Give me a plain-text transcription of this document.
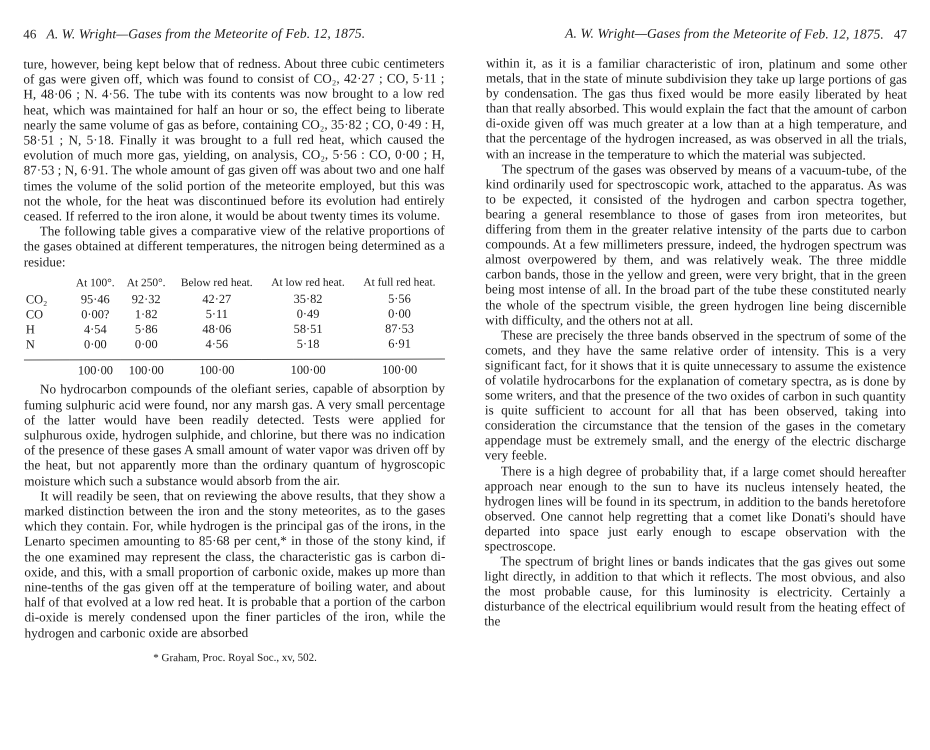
46 A. W. Wright—Gases from the Meteorite of Feb. 12, 1875.

ture, however, being kept below that of redness. About three cubic centimeters of gas were given off, which was found to consist of CO₂, 42·27 ; CO, 5·11 ; H, 48·06 ; N. 4·56. The tube with its contents was now brought to a low red heat, which was maintained for half an hour or so, the effect being to liberate nearly the same volume of gas as before, containing CO₂, 35·82 ; CO, 0·49 : H, 58·51 ; N, 5·18. Finally it was brought to a full red heat, which caused the evolution of much more gas, yielding, on analysis, CO₂, 5·56 : CO, 0·00 ; H, 87·53 ; N, 6·91. The whole amount of gas given off was about two and one half times the volume of the solid portion of the meteorite employed, but this was not the whole, for the heat was discontinued before its evolution had entirely ceased. If referred to the iron alone, it would be about twenty times its volume.

The following table gives a comparative view of the relative proportions of the gases obtained at different temperatures, the nitrogen being determined as a residue:

	At 100°.	At 250°.	Below red heat.	At low red heat.	At full red heat.
CO₂	95·46	92·32	42·27	35·82	5·56
CO	0·00?	1·82	5·11	0·49	0·00
H	4·54	5·86	48·06	58·51	87·53
N	0·00	0·00	4·56	5·18	6·91

	100·00	100·00	100·00	100·00	100·00

No hydrocarbon compounds of the olefiant series, capable of absorption by fuming sulphuric acid were found, nor any marsh gas. A very small percentage of the latter would have been readily detected. Tests were applied for sulphurous oxide, hydrogen sulphide, and chlorine, but there was no indication of the presence of these gases A small amount of water vapor was driven off by the heat, but not apparently more than the ordinary quantum of hygroscopic moisture which such a substance would absorb from the air.

It will readily be seen, that on reviewing the above results, that they show a marked distinction between the iron and the stony meteorites, as to the gases which they contain. For, while hydrogen is the principal gas of the irons, in the Lenarto specimen amounting to 85·68 per cent,* in those of the stony kind, if the one examined may represent the class, the characteristic gas is carbon di-oxide, and this, with a small proportion of carbonic oxide, makes up more than nine-tenths of the gas given off at the temperature of boiling water, and about half of that evolved at a low red heat. It is probable that a portion of the carbon di-oxide is merely condensed upon the finer particles of the iron, while the hydrogen and carbonic oxide are absorbed

* Graham, Proc. Royal Soc., xv, 502.
A. W. Wright—Gases from the Meteorite of Feb. 12, 1875. 47

within it, as it is a familiar characteristic of iron, platinum and some other metals, that in the state of minute subdivision they take up large portions of gas by condensation. The gas thus fixed would be more easily liberated by heat than that really absorbed. This would explain the fact that the amount of carbon di-oxide given off was much greater at a low than at a high temperature, and that the percentage of the hydrogen increased, as was observed in all the trials, with an increase in the temperature to which the material was subjected.

The spectrum of the gases was observed by means of a vacuum-tube, of the kind ordinarily used for spectroscopic work, attached to the apparatus. As was to be expected, it consisted of the hydrogen and carbon spectra together, bearing a general resemblance to those of gases from iron meteorites, but differing from them in the greater relative intensity of the parts due to carbon compounds. At a few millimeters pressure, indeed, the hydrogen spectrum was almost overpowered by them, and was relatively weak. The three middle carbon bands, those in the yellow and green, were very bright, that in the green being most intense of all. In the broad part of the tube these constituted nearly the whole of the spectrum visible, the green hydrogen line being discernible with difficulty, and the others not at all.

These are precisely the three bands observed in the spectrum of some of the comets, and they have the same relative order of intensity. This is a very significant fact, for it shows that it is quite unnecessary to assume the existence of volatile hydrocarbons for the explanation of cometary spectra, as is done by some writers, and that the presence of the two oxides of carbon in such quantity is quite sufficient to account for all that has been observed, taking into consideration the circumstance that the tension of the gases in the cometary appendage must be extremely small, and the energy of the electric discharge very feeble.

There is a high degree of probability that, if a large comet should hereafter approach near enough to the sun to have its nucleus intensely heated, the hydrogen lines will be found in its spectrum, in addition to the bands heretofore observed. One cannot help regretting that a comet like Donati's should have departed into space just early enough to escape observation with the spectroscope.

The spectrum of bright lines or bands indicates that the gas gives out some light directly, in addition to that which it reflects. The most obvious, and also the most probable cause, for this luminosity is electricity. Certainly a disturbance of the electrical equilibrium would result from the heating effect of the
